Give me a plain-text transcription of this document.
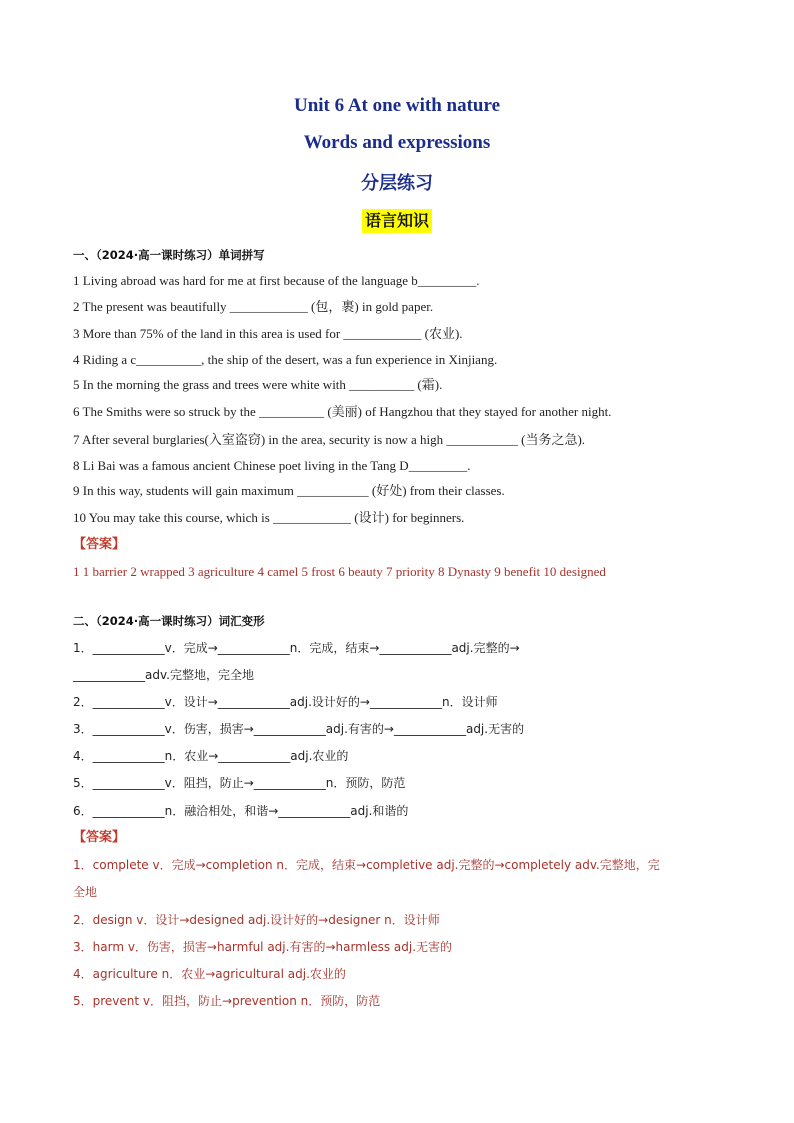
Unit 6 At one with nature
Words and expressions
分层练习
语言知识
一、（2024·高一课时练习）单词拼写
1 Living abroad was hard for me at first because of the language b_________.
2 The present was beautifully ____________ (包，裹) in gold paper.
3 More than 75% of the land in this area is used for ____________ (农业).
4 Riding a c__________, the ship of the desert, was a fun experience in Xinjiang.
5 In the morning the grass and trees were white with __________ (霜).
6 The Smiths were so struck by the __________ (美丽) of Hangzhou that they stayed for another night.
7 After several burglaries(入室盗窃) in the area, security is now a high ___________ (当务之急).
8 Li Bai was a famous ancient Chinese poet living in the Tang D_________.
9 In this way, students will gain maximum ___________ (好处) from their classes.
10 You may take this course, which is ____________ (设计) for beginners.
【答案】
1 1 barrier 2 wrapped 3 agriculture 4 camel 5 frost 6 beauty 7 priority 8 Dynasty 9 benefit 10 designed
二、（2024·高一课时练习）词汇变形
1．____________v．完成→____________n．完成，结束→____________adj.完整的→
____________adv.完整地，完全地
2．____________v．设计→____________adj.设计好的→____________n．设计师
3．____________v．伤害，损害→____________adj.有害的→____________adj.无害的
4．____________n．农业→____________adj.农业的
5．____________v．阻挡，防止→____________n．预防，防范
6．____________n．融洽相处，和谐→____________adj.和谐的
【答案】
1．complete v．完成→completion n．完成，结束→completive adj.完整的→completely adv.完整地，完
全地
2．design v．设计→designed adj.设计好的→designer n．设计师
3．harm v．伤害，损害→harmful adj.有害的→harmless adj.无害的
4．agriculture n．农业→agricultural adj.农业的
5．prevent v．阻挡，防止→prevention n．预防，防范
